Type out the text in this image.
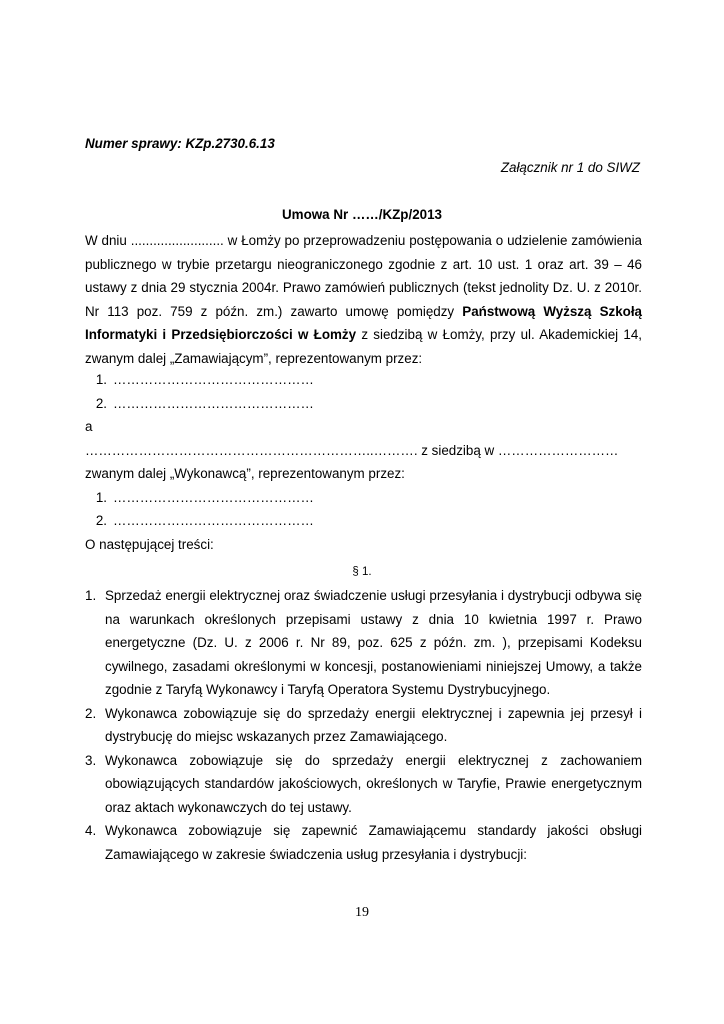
Numer sprawy: KZp.2730.6.13
Załącznik nr 1 do SIWZ
Umowa Nr ……/KZp/2013
W dniu ......................... w Łomży po przeprowadzeniu postępowania o udzielenie zamówienia publicznego w trybie przetargu nieograniczonego zgodnie z art. 10 ust. 1 oraz art. 39 – 46 ustawy z dnia 29 stycznia 2004r. Prawo zamówień publicznych (tekst jednolity Dz. U. z 2010r. Nr 113 poz. 759 z późn. zm.) zawarto umowę pomiędzy Państwową Wyższą Szkołą Informatyki i Przedsiębiorczości w Łomży z siedzibą w Łomży, przy ul. Akademickiej 14, zwanym dalej „Zamawiającym”, reprezentowanym przez:
1. ………………………………………
2. ………………………………………
a
………………………………………………………..………. z siedzibą w ………………………
zwanym dalej „Wykonawcą”, reprezentowanym przez:
1. ………………………………………
2. ………………………………………
O następującej treści:
§ 1.

1. Sprzedaż energii elektrycznej oraz świadczenie usługi przesyłania i dystrybucji odbywa się na warunkach określonych przepisami ustawy z dnia 10 kwietnia 1997 r. Prawo energetyczne (Dz. U. z 2006 r. Nr 89, poz. 625 z późn. zm. ), przepisami Kodeksu cywilnego, zasadami określonymi w koncesji, postanowieniami niniejszej Umowy, a także zgodnie z Taryfą Wykonawcy i Taryfą Operatora Systemu Dystrybucyjnego.

2. Wykonawca zobowiązuje się do sprzedaży energii elektrycznej i zapewnia jej przesył i dystrybucję do miejsc wskazanych przez Zamawiającego.

3. Wykonawca zobowiązuje się do sprzedaży energii elektrycznej z zachowaniem obowiązujących standardów jakościowych, określonych w Taryfie, Prawie energetycznym oraz aktach wykonawczych do tej ustawy.

4. Wykonawca zobowiązuje się zapewnić Zamawiającemu standardy jakości obsługi Zamawiającego w zakresie świadczenia usług przesyłania i dystrybucji:

19
